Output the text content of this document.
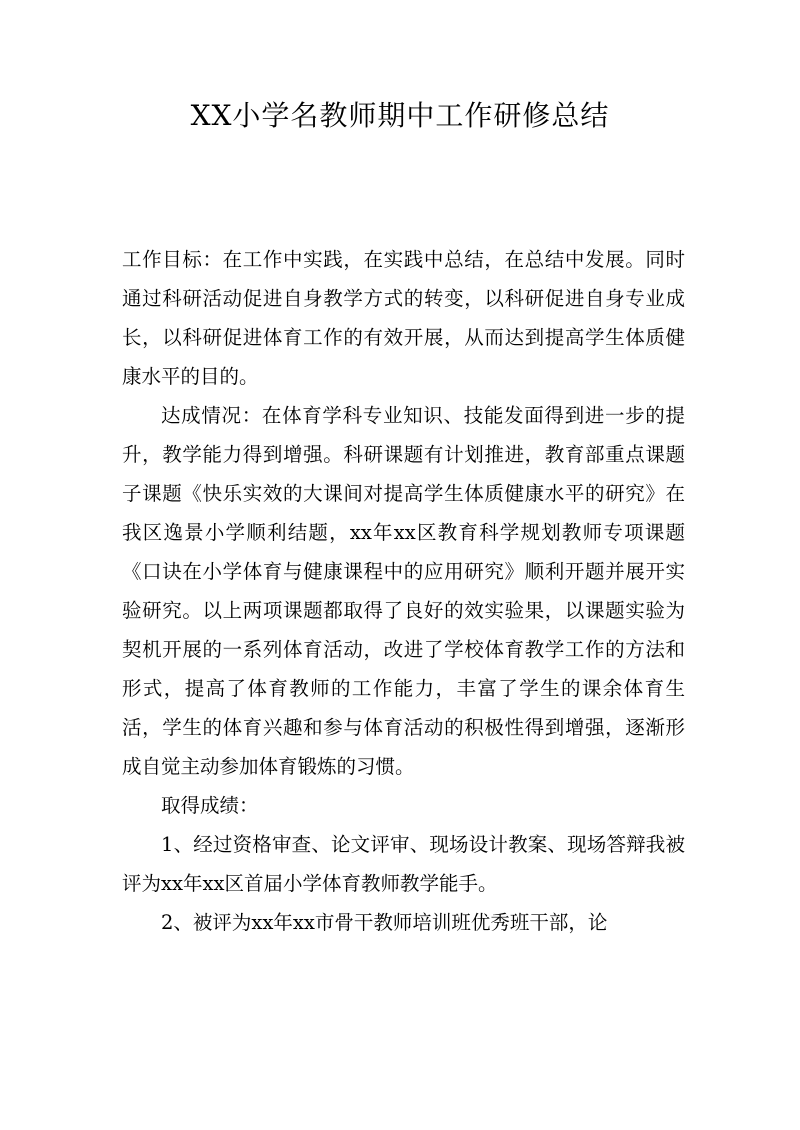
XX小学名教师期中工作研修总结

工作目标：在工作中实践，在实践中总结，在总结中发展。同时通过科研活动促进自身教学方式的转变，以科研促进自身专业成长，以科研促进体育工作的有效开展，从而达到提高学生体质健康水平的目的。

达成情况：在体育学科专业知识、技能发面得到进一步的提升，教学能力得到增强。科研课题有计划推进，教育部重点课题子课题《快乐实效的大课间对提高学生体质健康水平的研究》在我区逸景小学顺利结题，xx年xx区教育科学规划教师专项课题《口诀在小学体育与健康课程中的应用研究》顺利开题并展开实验研究。以上两项课题都取得了良好的效实验果，以课题实验为契机开展的一系列体育活动，改进了学校体育教学工作的方法和形式，提高了体育教师的工作能力，丰富了学生的课余体育生活，学生的体育兴趣和参与体育活动的积极性得到增强，逐渐形成自觉主动参加体育锻炼的习惯。

取得成绩：

1、经过资格审查、论文评审、现场设计教案、现场答辩我被评为xx年xx区首届小学体育教师教学能手。

2、被评为xx年xx市骨干教师培训班优秀班干部，论
